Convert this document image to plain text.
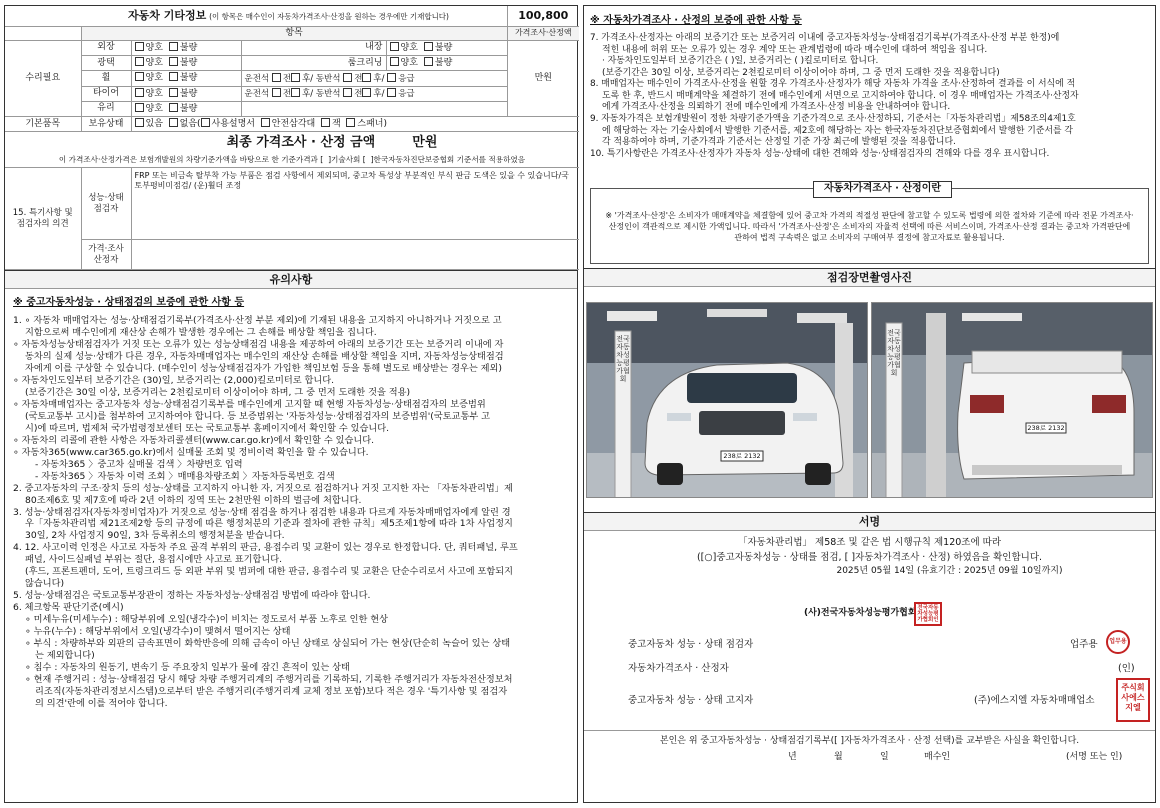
자동차 기타정보 (이 항목은 매수인이 자동차가격조사·산정을 원하는 경우에만 기재합니다)					100,800
	항목				가격조사·산정액
수리필요	외장	양호 불량	내장	양호 불량	만원
	광택	양호 불량	룸크리닝	양호 불량	
	휠	양호 불량	운전석 전 후/ 동반석 전 후/ 응급		
	타이어	양호 불량	운전석 전 후/ 동반석 전 후/ 응급		
	유리	양호 불량			
기본품목	보유상태	있음 없음( 사용설명서 안전삼각대 잭 스패너)			

최종 가격조사 · 산정 금액 만원
이 가격조사·산정가격은 보험개발원의 차량기준가액을 바탕으로 한 기준가격과 [ ]기술사회 [ ]한국자동차진단보증협회 기준서를 적용하였음					

15. 특기사항 및 점검자의 의견	성능·상태 점검자	FRP 또는 비금속 탈부착 가능 부품은 점검 사항에서 제외되며, 중고차 특성상 부분적인 부식 판금 도색은 있을 수 있습니다/국토부평비미점검/ (운)휠더 조정			
	가격·조사 산정자				
유의사항

※ 중고자동차성능 · 상태점검의 보증에 관한 사항 등

1. ∘ 자동차 매매업자는 성능·상태점검기록부(가격조사·산정 부분 제외)에 기재된 내용을 고지하지 아니하거나 거짓으로 고

지함으로써 매수인에게 재산상 손해가 발생한 경우에는 그 손해를 배상할 책임을 집니다.

∘ 자동차성능상태점검자가 거짓 또는 오류가 있는 성능상태점검 내용을 제공하여 아래의 보증기간 또는 보증거리 이내에 자

동차의 실제 성능·상태가 다른 경우, 자동차매매업자는 매수인의 재산상 손해를 배상할 책임을 지며, 자동차성능상태점검

자에게 이를 구상할 수 있습니다. (매수인이 성능상태점검자가 가입한 책임보험 등을 통해 별도로 배상받는 경우는 제외)

∘ 자동차인도일부터 보증기간은 (30)일, 보증거리는 (2,000)킬로미터로 합니다.

(보증기간은 30일 이상, 보증거리는 2천킬로미터 이상이어야 하며, 그 중 먼저 도래한 것을 적용)

∘ 자동차매매업자는 중고자동차 성능·상태점검기록부를 매수인에게 고지할 때 현행 자동차성능·상태점검자의 보증범위

(국토교통부 고시)를 첨부하여 고지하여야 합니다. 등 보증범위는 '자동차성능·상태점검자의 보증범위'(국토교통부 고

시)에 따르며, 법제처 국가법령정보센터 또는 국토교통부 홈페이지에서 확인할 수 있습니다.

∘ 자동차의 리콜에 관한 사항은 자동차리콜센터(www.car.go.kr)에서 확인할 수 있습니다.

∘ 자동차365(www.car365.go.kr)에서 실매물 조회 및 정비이력 확인을 할 수 있습니다.

- 자동차365 〉중고차 실매물 검색 〉차량번호 입력

- 자동차365 〉자동차 이력 조회 〉매매용차량조회 〉자동차등록번호 검색

2. 중고자동차의 구조·장치 등의 성능·상태를 고지하지 아니한 자, 거짓으로 점검하거나 거짓 고지한 자는 「자동차관리법」제

80조제6호 및 제7호에 따라 2년 이하의 징역 또는 2천만원 이하의 벌금에 처합니다.

3. 성능·상태점검자(자동차정비업자)가 거짓으로 성능·상태 점검을 하거나 점검한 내용과 다르게 자동차매매업자에게 알린 경

우「자동차관리법 제21조제2항 등의 규정에 따른 행정처분의 기준과 절차에 관한 규칙」제5조제1항에 따라 1차 사업정지

30일, 2차 사업정지 90일, 3차 등록취소의 행정처분을 받습니다.

4. 12. 사고이력 인정은 사고로 자동차 주요 골격 부위의 판금, 용접수리 및 교환이 있는 경우로 한정합니다. 단, 쿼터패널, 루프

패널, 사이드실패널 부위는 절단, 용접시에만 사고로 표기합니다.

(후드, 프론트펜더, 도어, 트렁크리드 등 외판 부위 및 범퍼에 대한 판금, 용접수리 및 교환은 단순수리로서 사고에 포함되지

않습니다)

5. 성능·상태점검은 국토교통부장관이 정하는 자동차성능·상태점검 방법에 따라야 합니다.

6. 체크항목 판단기준(예시)

∘ 미세누유(미세누수) : 해당부위에 오일(냉각수)이 비치는 정도로서 부품 노후로 인한 현상

∘ 누유(누수) : 해당부위에서 오일(냉각수)이 맺혀서 떨어지는 상태

∘ 부식 : 차량하부와 외판의 금속표면이 화학반응에 의해 금속이 아닌 상태로 상실되어 가는 현상(단순히 녹슬어 있는 상태

는 제외합니다)

∘ 침수 : 자동차의 원동기, 변속기 등 주요장치 일부가 물에 잠긴 흔적이 있는 상태

∘ 현재 주행거리 : 성능·상태점검 당시 해당 차량 주행거리계의 주행거리를 기록하되, 기록한 주행거리가 자동차전산정보처

리조직(자동차관리정보시스템)으로부터 받은 주행거리(주행거리계 교체 정보 포함)보다 적은 경우 '특기사항 및 점검자

의 의견'란에 이를 적어야 합니다.

※ 자동차가격조사 · 산정의 보증에 관한 사항 등

7. 가격조사·산정자는 아래의 보증기간 또는 보증거리 이내에 중고자동차성능·상태점검기록부(가격조사·산정 부분 한정)에

적힌 내용에 허위 또는 오류가 있는 경우 계약 또는 관계법령에 따라 매수인에 대하여 책임을 집니다.

· 자동차인도일부터 보증기간은 ( )일, 보증거리는 ( )킬로미터로 합니다.

(보증기간은 30일 이상, 보증거리는 2천킬로미터 이상이어야 하며, 그 중 먼저 도래한 것을 적용합니다)

8. 매매업자는 매수인이 가격조사·산정을 원할 경우 가격조사·산정자가 해당 자동차 가격을 조사·산정하여 결과를 이 서식에 적

도록 한 후, 반드시 매매계약을 체결하기 전에 매수인에게 서면으로 고지하여야 합니다. 이 경우 매매업자는 가격조사·산정자

에게 가격조사·산정을 의뢰하기 전에 매수인에게 가격조사·산정 비용을 안내하여야 합니다.

9. 자동차가격은 보험개발원이 정한 차량기준가액을 기준가격으로 조사·산정하되, 기준서는「자동차관리법」제58조의4제1호

에 해당하는 자는 기술사회에서 발행한 기준서를, 제2호에 해당하는 자는 한국자동차진단보증협회에서 발행한 기준서를 각

각 적용하여야 하며, 기준가격과 기준서는 산정일 기준 가장 최근에 발행된 것을 적용합니다.

10. 특기사항란은 가격조사·산정자가 자동차 성능·상태에 대한 견해와 성능·상태점검자의 견해와 다를 경우 표시합니다.

자동차가격조사 · 산정이란
※ '가격조사·산정'은 소비자가 매매계약을 체결함에 있어 중고차 가격의 적절성 판단에 참고할 수 있도록 법령에 의한 절차와 기준에 따라 전문 가격조사·산정인이 객관적으로 제시한 가액입니다. 따라서 '가격조사·산정'은 소비자의 자율적 선택에 따른 서비스이며, 가격조사·산정 결과는 중고차 가격판단에 관하여 법적 구속력은 없고 소비자의 구매여부 결정에 참고자료로 활용됩니다.
점검장면촬영사진
238로 2132
전국자동차성능평가협회
238로 2132
전국자동차성능평가협회
서명
「자동차관리법」 제58조 및 같은 법 시행규칙 제120조에 따라
([○]중고자동차성능 · 상태를 점검, [ ]자동차가격조사 · 산정) 하였음을 확인합니다.
2025년 05월 14일 (유효기간 : 2025년 09월 10일까지)
(사)전국자동차성능평가협회 전국자동차성능평가협회인
중고자동차 성능 · 상태 점검자	업주용	업무용
자동차가격조사 · 산정자	(인)
중고자동차 성능 · 상태 고지자	(주)에스지엘 자동차매매업소
주식회사에스지엘
본인은 위 중고자동차성능 · 상태점검기록부([ ]자동차가격조사 · 산정 선택)를 교부받은 사실을 확인합니다.
년	월	일	매수인	(서명 또는 인)
